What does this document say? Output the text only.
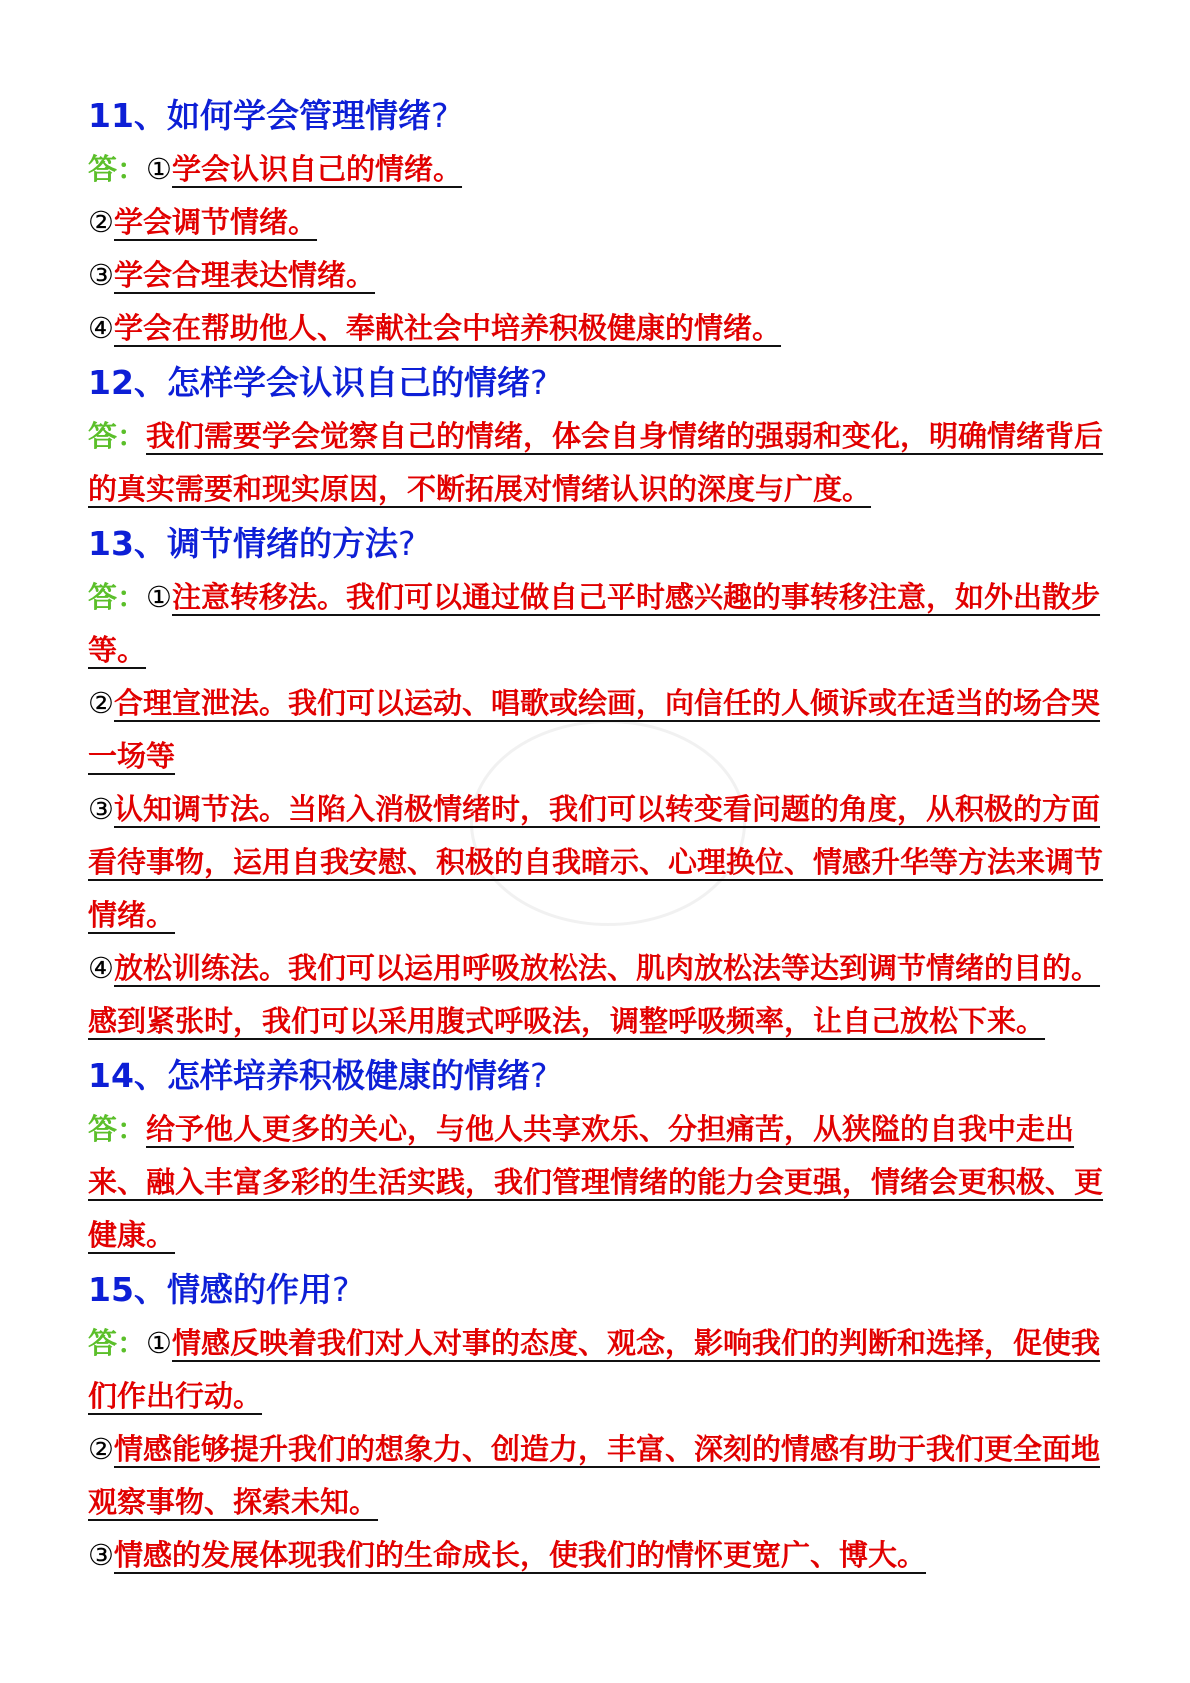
11、如何学会管理情绪?

答：①学会认识自己的情绪。

②学会调节情绪。

③学会合理表达情绪。

④学会在帮助他人、奉献社会中培养积极健康的情绪。

12、怎样学会认识自己的情绪?

答：我们需要学会觉察自己的情绪，体会自身情绪的强弱和变化，明确情绪背后的真实需要和现实原因，不断拓展对情绪认识的深度与广度。

13、调节情绪的方法?

答：①注意转移法。我们可以通过做自己平时感兴趣的事转移注意，如外出散步等。

②合理宣泄法。我们可以运动、唱歌或绘画，向信任的人倾诉或在适当的场合哭一场等

③认知调节法。当陷入消极情绪时，我们可以转变看问题的角度，从积极的方面看待事物，运用自我安慰、积极的自我暗示、心理换位、情感升华等方法来调节情绪。

④放松训练法。我们可以运用呼吸放松法、肌肉放松法等达到调节情绪的目的。感到紧张时，我们可以采用腹式呼吸法，调整呼吸频率，让自己放松下来。

14、怎样培养积极健康的情绪?

答：给予他人更多的关心，与他人共享欢乐、分担痛苦，从狭隘的自我中走出来、融入丰富多彩的生活实践，我们管理情绪的能力会更强，情绪会更积极、更健康。

15、情感的作用?

答：①情感反映着我们对人对事的态度、观念，影响我们的判断和选择，促使我们作出行动。

②情感能够提升我们的想象力、创造力，丰富、深刻的情感有助于我们更全面地观察事物、探索未知。

③情感的发展体现我们的生命成长，使我们的情怀更宽广、博大。
